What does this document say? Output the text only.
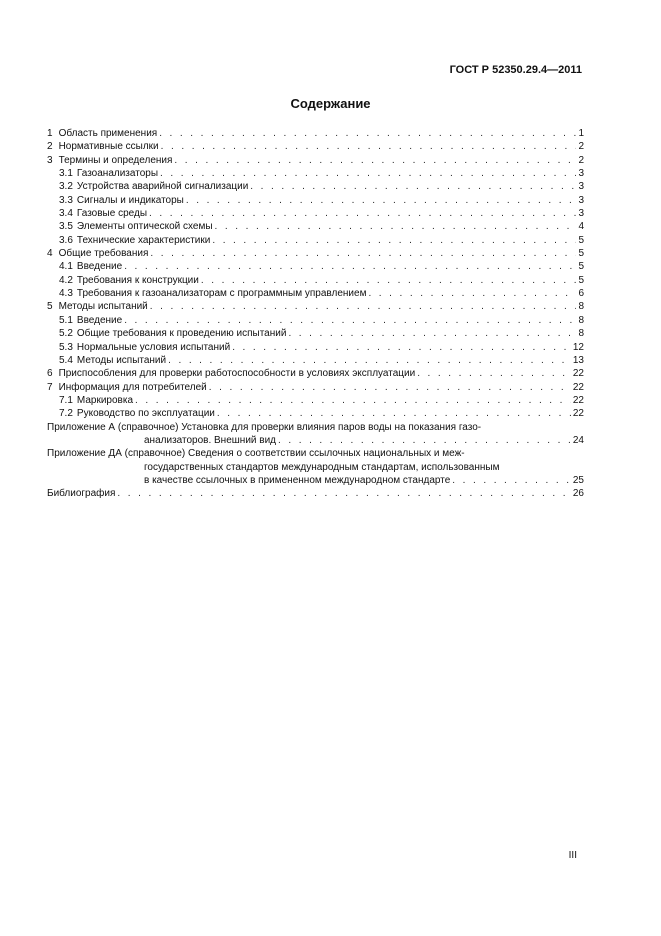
ГОСТ Р 52350.29.4—2011
Содержание
1 Область применения . . .	1
2 Нормативные ссылки . . .	2
3 Термины и определения . . .	2
3.1 Газоанализаторы . . .	3
3.2 Устройства аварийной сигнализации . . .	3
3.3 Сигналы и индикаторы . . .	3
3.4 Газовые среды . . .	3
3.5 Элементы оптической схемы . . .	4
3.6 Технические характеристики . . .	5
4 Общие требования . . .	5
4.1 Введение . . .	5
4.2 Требования к конструкции . . .	5
4.3 Требования к газоанализаторам с программным управлением . . .	6
5 Методы испытаний . . .	8
5.1 Введение . . .	8
5.2 Общие требования к проведению испытаний . . .	8
5.3 Нормальные условия испытаний . . .	12
5.4 Методы испытаний . . .	13
6 Приспособления для проверки работоспособности в условиях эксплуатации . . .	22
7 Информация для потребителей . . .	22
7.1 Маркировка . . .	22
7.2 Руководство по эксплуатации . . .	22
Приложение А (справочное) Установка для проверки влияния паров воды на показания газо-
анализаторов. Внешний вид . . .	24
Приложение ДА (справочное) Сведения о соответствии ссылочных национальных и меж-
государственных стандартов международным стандартам, использованным
в качестве ссылочных в примененном международном стандарте . . .	25
Библиография . . .	26
III
